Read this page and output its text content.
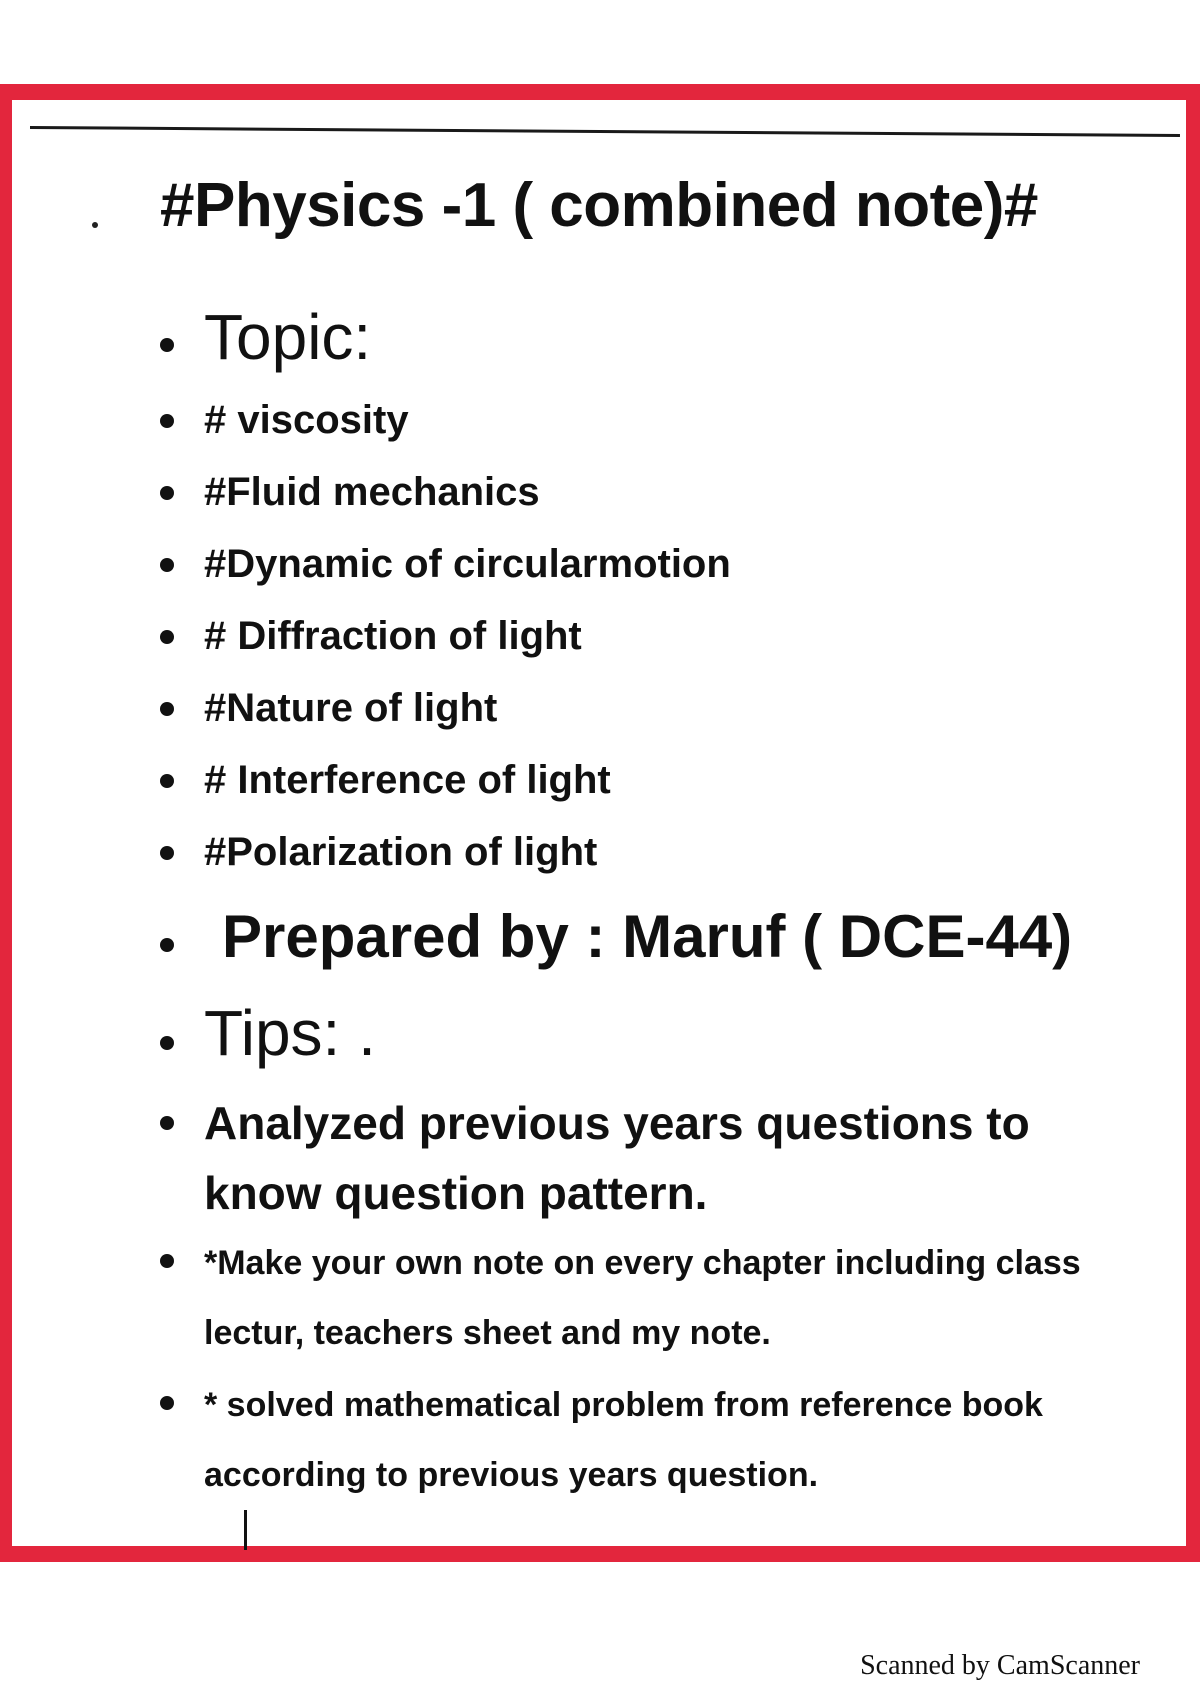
#Physics -1 ( combined note)#
Topic:
# viscosity
#Fluid mechanics
#Dynamic of circularmotion
# Diffraction of light
#Nature of light
# Interference of light
#Polarization of light
Prepared by : Maruf ( DCE-44)
Tips: .
Analyzed previous years questions to
know question pattern.
*Make your own note on every chapter including class
lectur, teachers sheet and my note.
* solved mathematical problem from reference book
according to previous years question.
Scanned by CamScanner
